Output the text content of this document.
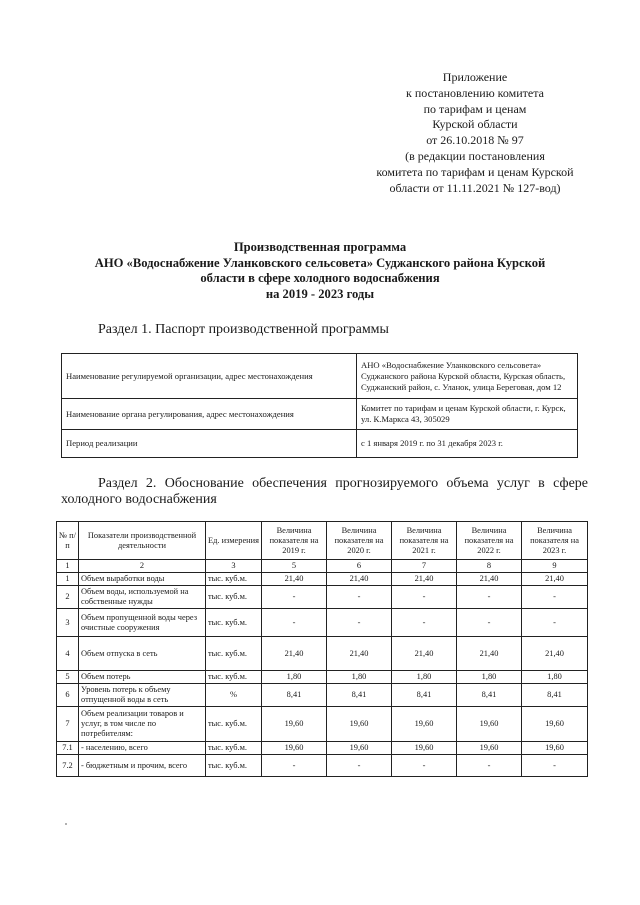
Приложение
к постановлению комитета
по тарифам и ценам
Курской области
от 26.10.2018 № 97
(в редакции постановления
комитета по тарифам и ценам Курской
области от 11.11.2021 № 127-вод)
Производственная программа
АНО «Водоснабжение Уланковского сельсовета» Суджанского района Курской
области в сфере холодного водоснабжения
на 2019 - 2023 годы
Раздел 1. Паспорт производственной программы
Наименование регулируемой организации, адрес местонахождения	АНО «Водоснабжение Уланковского сельсовета» Суджанского района Курской области, Курская область, Суджанский район, с. Уланок, улица Береговая, дом 12
Наименование органа регулирования, адрес местонахождения	Комитет по тарифам и ценам Курской области, г. Курск, ул. К.Маркса 43, 305029
Период реализации	с 1 января 2019 г. по 31 декабря 2023 г.
Раздел 2. Обоснование обеспечения прогнозируемого объема услуг в сфере
холодного водоснабжения
№ п/п	Показатели производственной деятельности	Ед. измерения	Величина показателя на 2019 г.	Величина показателя на 2020 г.	Величина показателя на 2021 г.	Величина показателя на 2022 г.	Величина показателя на 2023 г.
1	2	3	5	6	7	8	9
1	Объем выработки воды	тыс. куб.м.	21,40	21,40	21,40	21,40	21,40
2	Объем воды, используемой на собственные нужды	тыс. куб.м.	-	-	-	-	-
3	Объем пропущенной воды через очистные сооружения	тыс. куб.м.	-	-	-	-	-
4	Объем отпуска в сеть	тыс. куб.м.	21,40	21,40	21,40	21,40	21,40
5	Объем потерь	тыс. куб.м.	1,80	1,80	1,80	1,80	1,80
6	Уровень потерь к объему отпущенной воды в сеть	%	8,41	8,41	8,41	8,41	8,41
7	Объем реализации товаров и услуг, в том числе по потребителям:	тыс. куб.м.	19,60	19,60	19,60	19,60	19,60
7.1	- населению, всего	тыс. куб.м.	19,60	19,60	19,60	19,60	19,60
7.2	- бюджетным и прочим, всего	тыс. куб.м.	-	-	-	-	-
